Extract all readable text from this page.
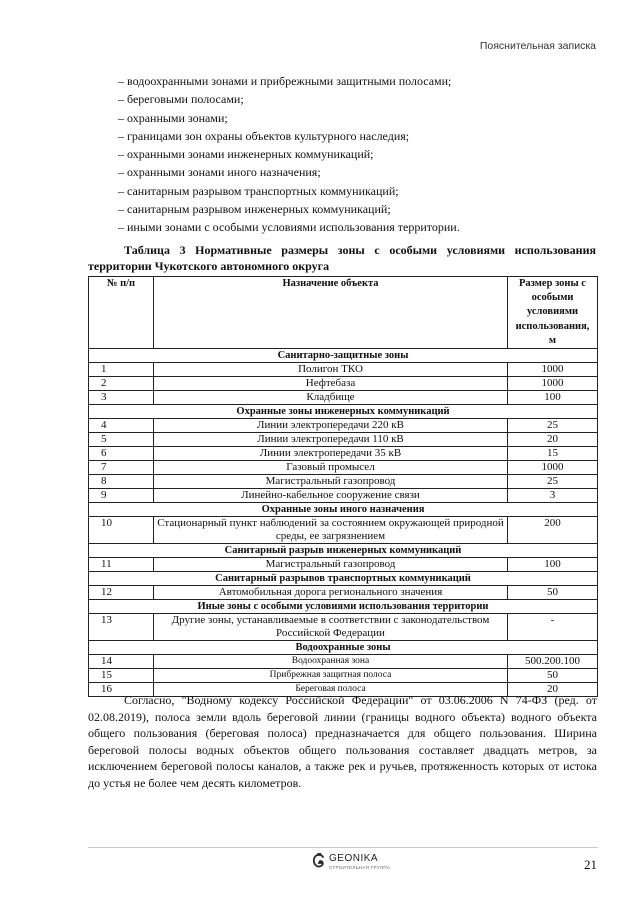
Пояснительная записка
– водоохранными зонами и прибрежными защитными полосами;
– береговыми полосами;
– охранными зонами;
– границами зон охраны объектов культурного наследия;
– охранными зонами инженерных коммуникаций;
– охранными зонами иного назначения;
– санитарным разрывом транспортных коммуникаций;
– санитарным разрывом инженерных коммуникаций;
– иными зонами с особыми условиями использования территории.
Таблица 3 Нормативные размеры зоны с особыми условиями использования территории Чукотского автономного округа
№ п/п	Назначение объекта	Размер зоны с особыми условиями использования, м
Санитарно-защитные зоны		
1	Полигон ТКО	1000
2	Нефтебаза	1000
3	Кладбище	100
Охранные зоны инженерных коммуникаций		
4	Линии электропередачи 220 кВ	25
5	Линии электропередачи 110 кВ	20
6	Линии электропередачи 35 кВ	15
7	Газовый промысел	1000
8	Магистральный газопровод	25
9	Линейно-кабельное сооружение связи	3
Охранные зоны иного назначения		
10	Стационарный пункт наблюдений за состоянием окружающей природной среды, ее загрязнением	200
Санитарный разрыв инженерных коммуникаций		
11	Магистральный газопровод	100
Санитарный разрывов транспортных коммуникаций		
12	Автомобильная дорога регионального значения	50
Иные зоны с особыми условиями использования территории		
13	Другие зоны, устанавливаемые в соответствии с законодательством Российской Федерации	-
Водоохранные зоны		
14	Водоохранная зона	500.200.100
15	Прибрежная защитная полоса	50
16	Береговая полоса	20

Согласно, "Водному кодексу Российской Федерации" от 03.06.2006 N 74-ФЗ (ред. от 02.08.2019), полоса земли вдоль береговой линии (границы водного объекта) водного объекта общего пользования (береговая полоса) предназначается для общего пользования. Ширина береговой полосы водных объектов общего пользования составляет двадцать метров, за исключением береговой полосы каналов, а также рек и ручьев, протяженность которых от истока до устья не более чем десять километров.

GEONIKA
СТРОИТЕЛЬНАЯ ГРУППА	21
